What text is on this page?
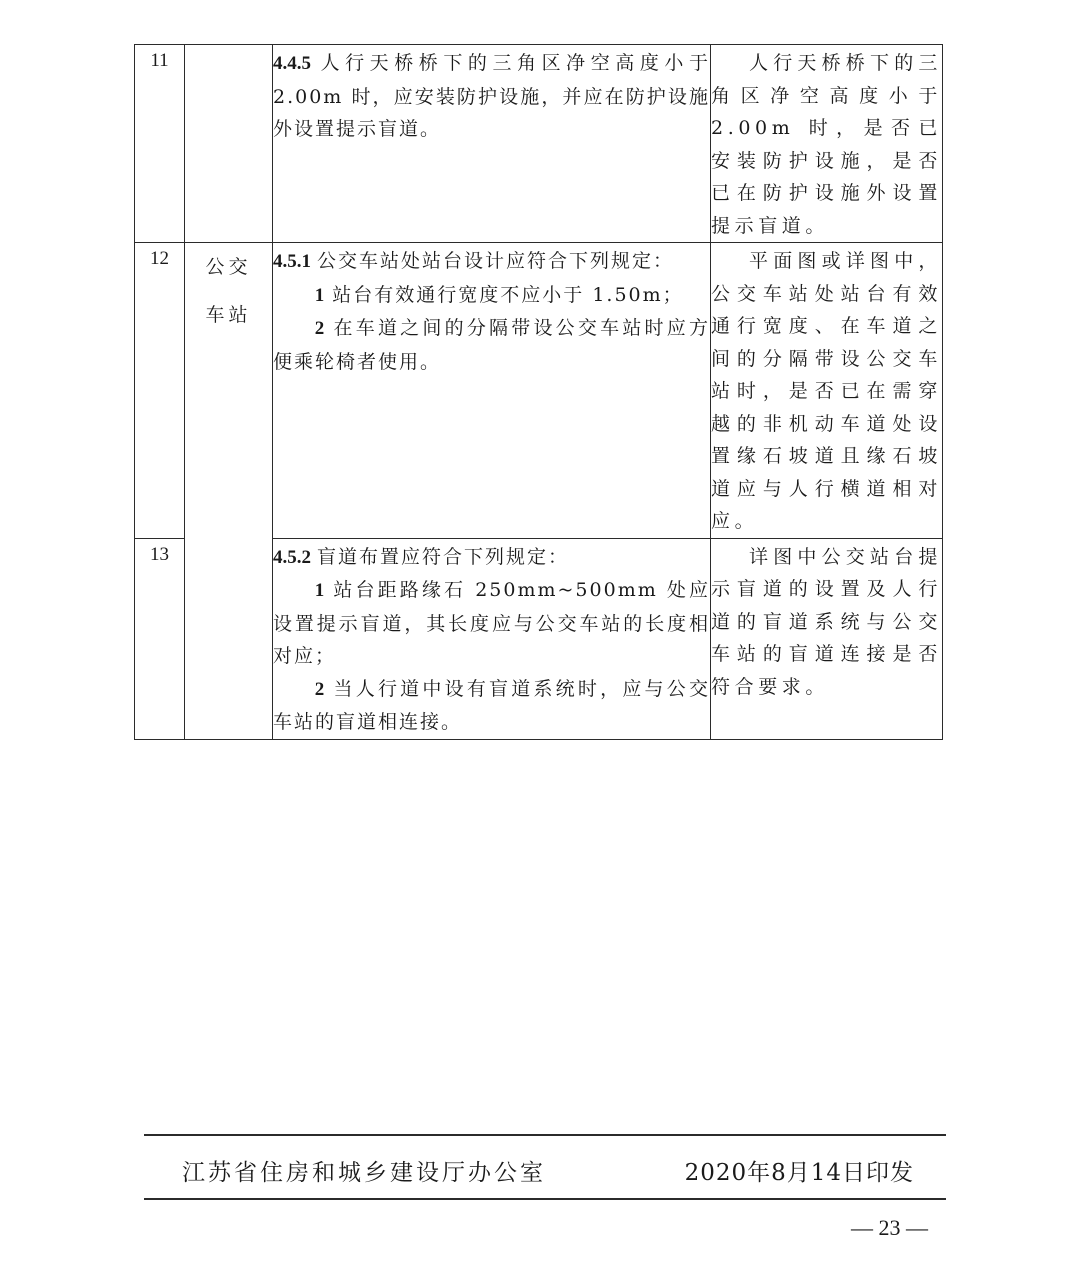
11		4.4.5 人行天桥桥下的三角区净空高度小于2.00m 时，应安装防护设施，并应在防护设施外设置提示盲道。	人行天桥桥下的三角区净空高度小于2.00m 时，是否已安装防护设施，是否已在防护设施外设置提示盲道。

12	公交车站	4.5.1 公交车站处站台设计应符合下列规定：
1 站台有效通行宽度不应小于 1.50m；
2 在车道之间的分隔带设公交车站时应方便乘轮椅者使用。	平面图或详图中，公交车站处站台有效通行宽度、在车道之间的分隔带设公交车站时，是否已在需穿越的非机动车道处设置缘石坡道且缘石坡道应与人行横道相对应。

13		4.5.2 盲道布置应符合下列规定：
1 站台距路缘石 250mm~500mm 处应设置提示盲道，其长度应与公交车站的长度相对应；
2 当人行道中设有盲道系统时，应与公交车站的盲道相连接。	详图中公交站台提示盲道的设置及人行道的盲道系统与公交车站的盲道连接是否符合要求。
江苏省住房和城乡建设厅办公室	2020年8月14日印发
— 23 —
